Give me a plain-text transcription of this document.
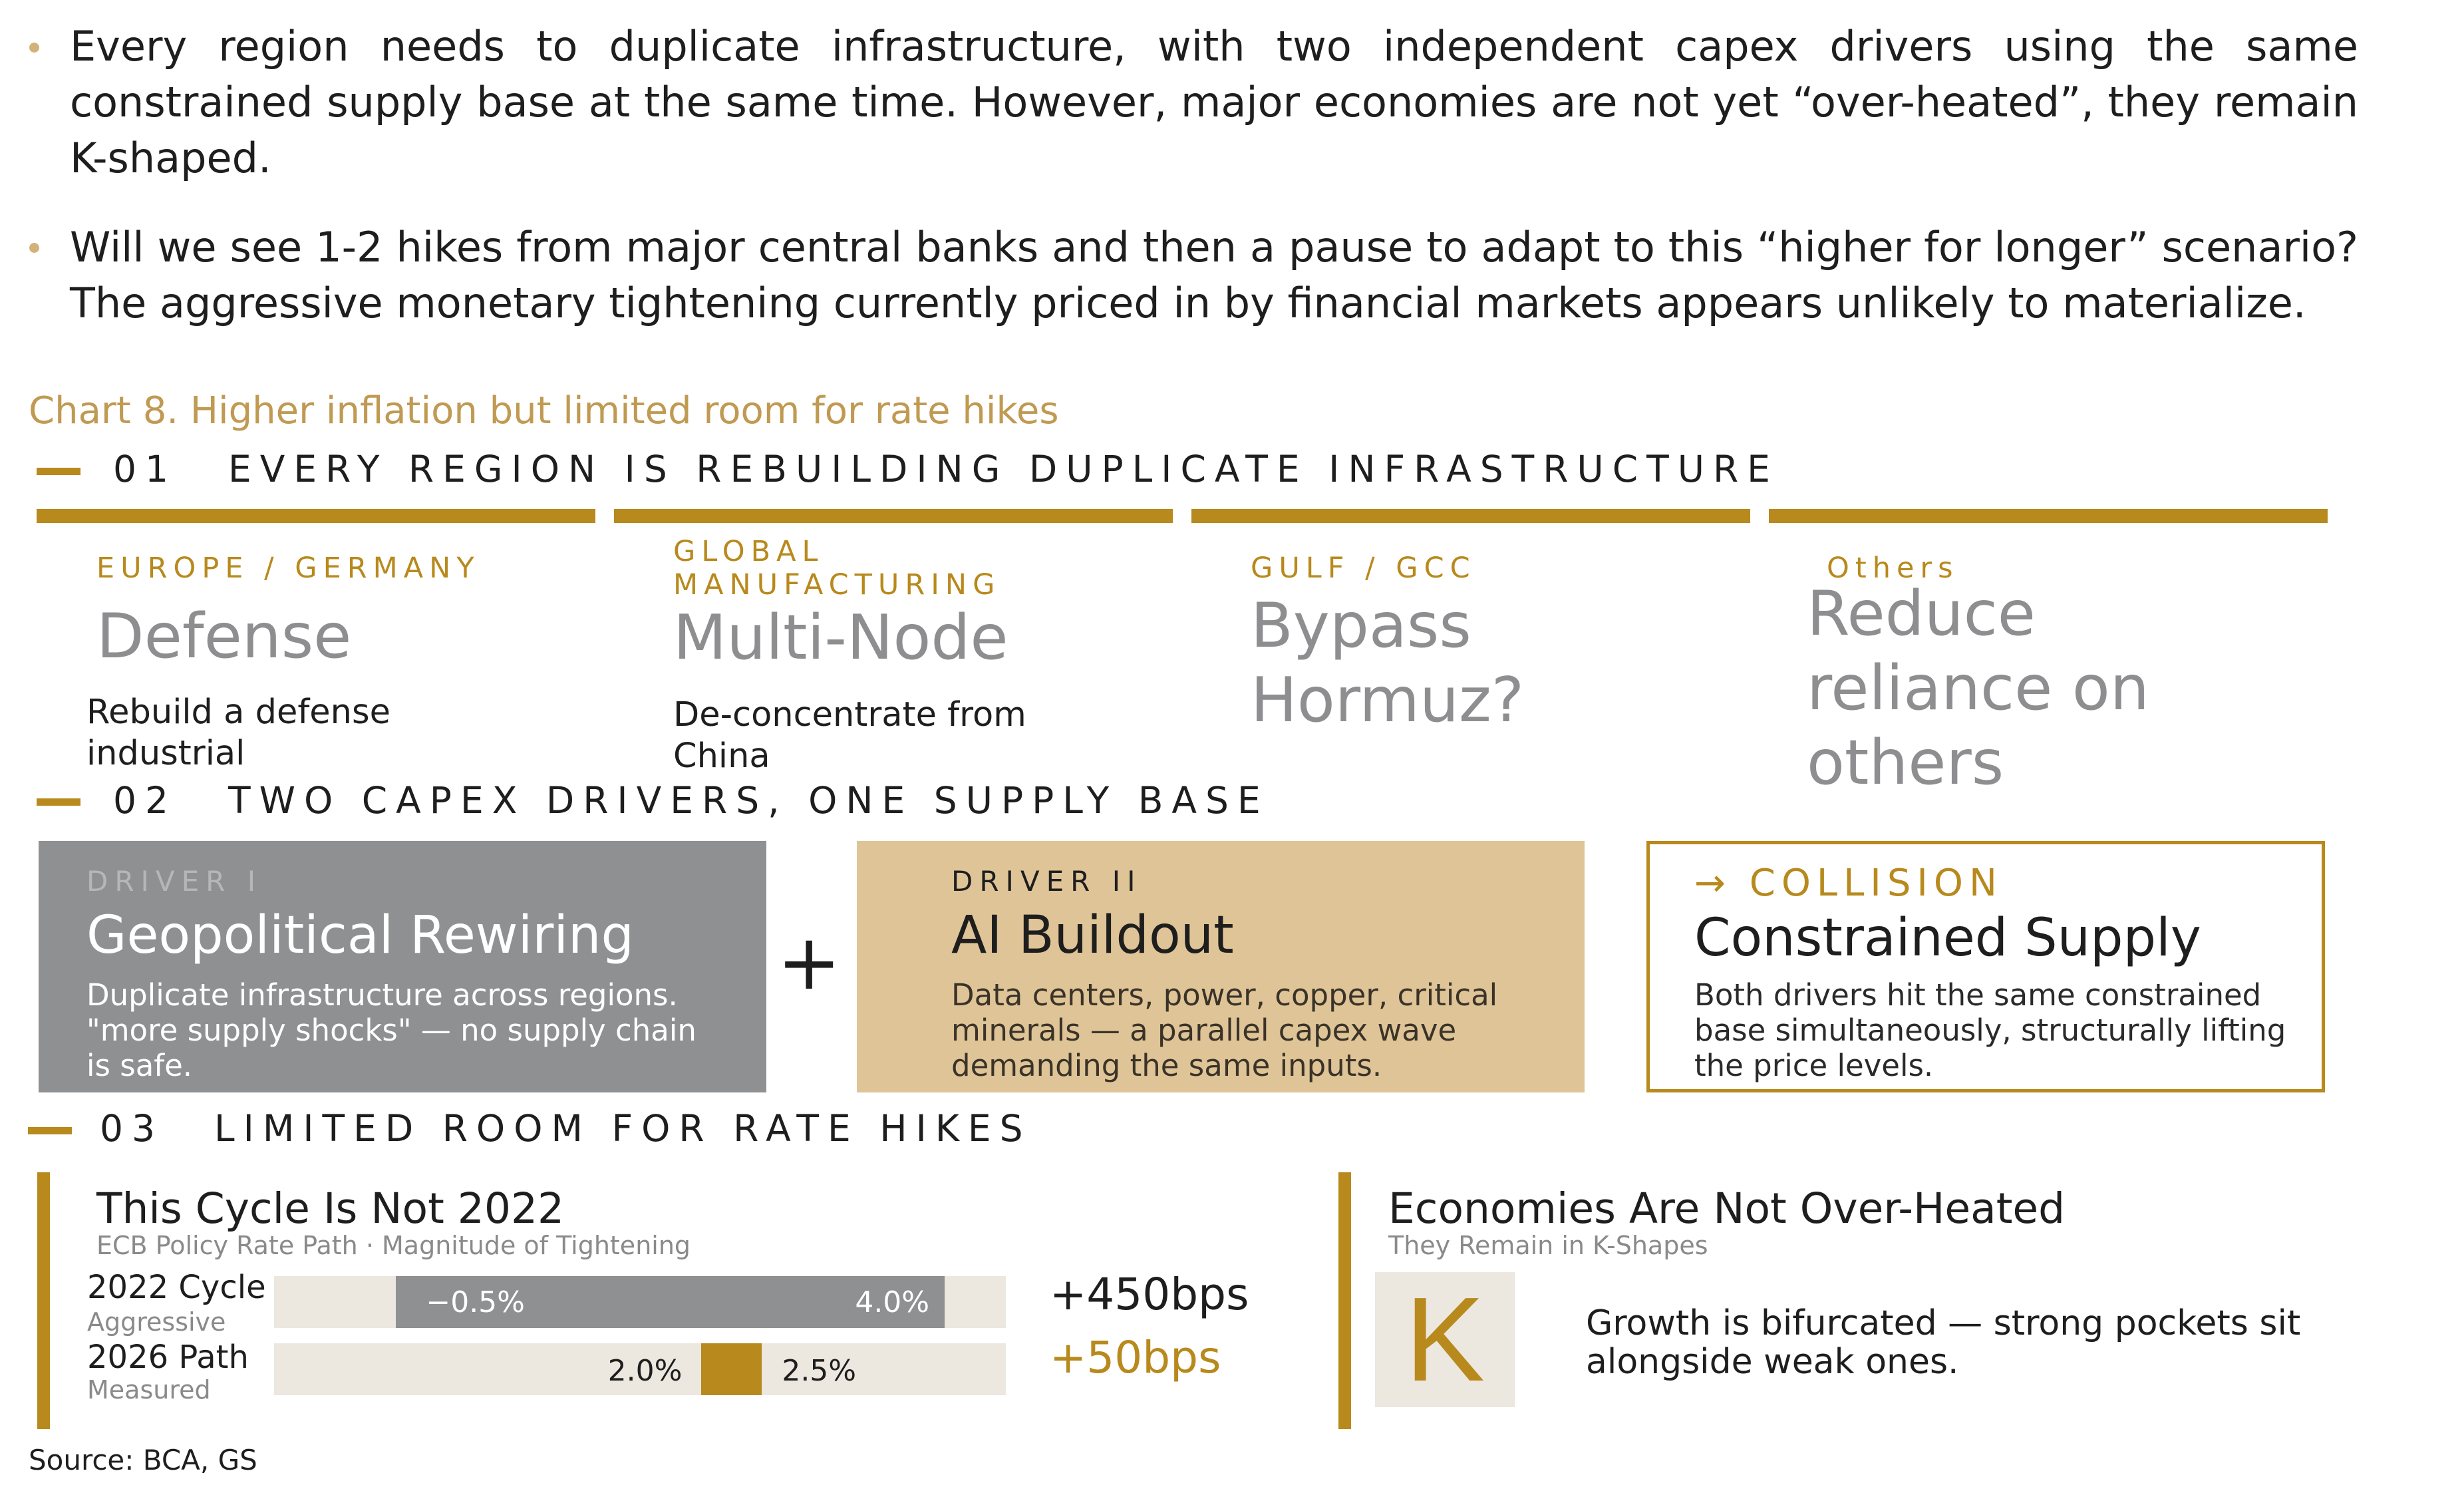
Every region needs to duplicate infrastructure, with two independent capex drivers using the same constrained supply base at the same time. However, major economies are not yet “over-heated”, they remain K-shaped.
Will we see 1-2 hikes from major central banks and then a pause to adapt to this “higher for longer” scenario? The aggressive monetary tightening currently priced in by financial markets appears unlikely to materialize.
Chart 8. Higher inflation but limited room for rate hikes
01 EVERY REGION IS REBUILDING DUPLICATE INFRASTRUCTURE
EUROPE / GERMANY
Defense
Rebuild a defense industrial
GLOBAL MANUFACTURING
Multi-Node
De-concentrate from China
GULF / GCC
Bypass Hormuz?
Others
Reduce reliance on others
02 TWO CAPEX DRIVERS, ONE SUPPLY BASE
DRIVER I
Geopolitical Rewiring
Duplicate infrastructure across regions. "more supply shocks" — no supply chain is safe.
+
DRIVER II
AI Buildout
Data centers, power, copper, critical minerals — a parallel capex wave demanding the same inputs.
→ COLLISION
Constrained Supply
Both drivers hit the same constrained base simultaneously, structurally lifting the price levels.
03 LIMITED ROOM FOR RATE HIKES
This Cycle Is Not 2022
ECB Policy Rate Path · Magnitude of Tightening
2022 Cycle
Aggressive
2026 Path
Measured
−0.5%	4.0%
2.0%	2.5%
+450bps
+50bps
Economies Are Not Over-Heated
They Remain in K-Shapes
K	Growth is bifurcated — strong pockets sit alongside weak ones.
Source: BCA, GS
